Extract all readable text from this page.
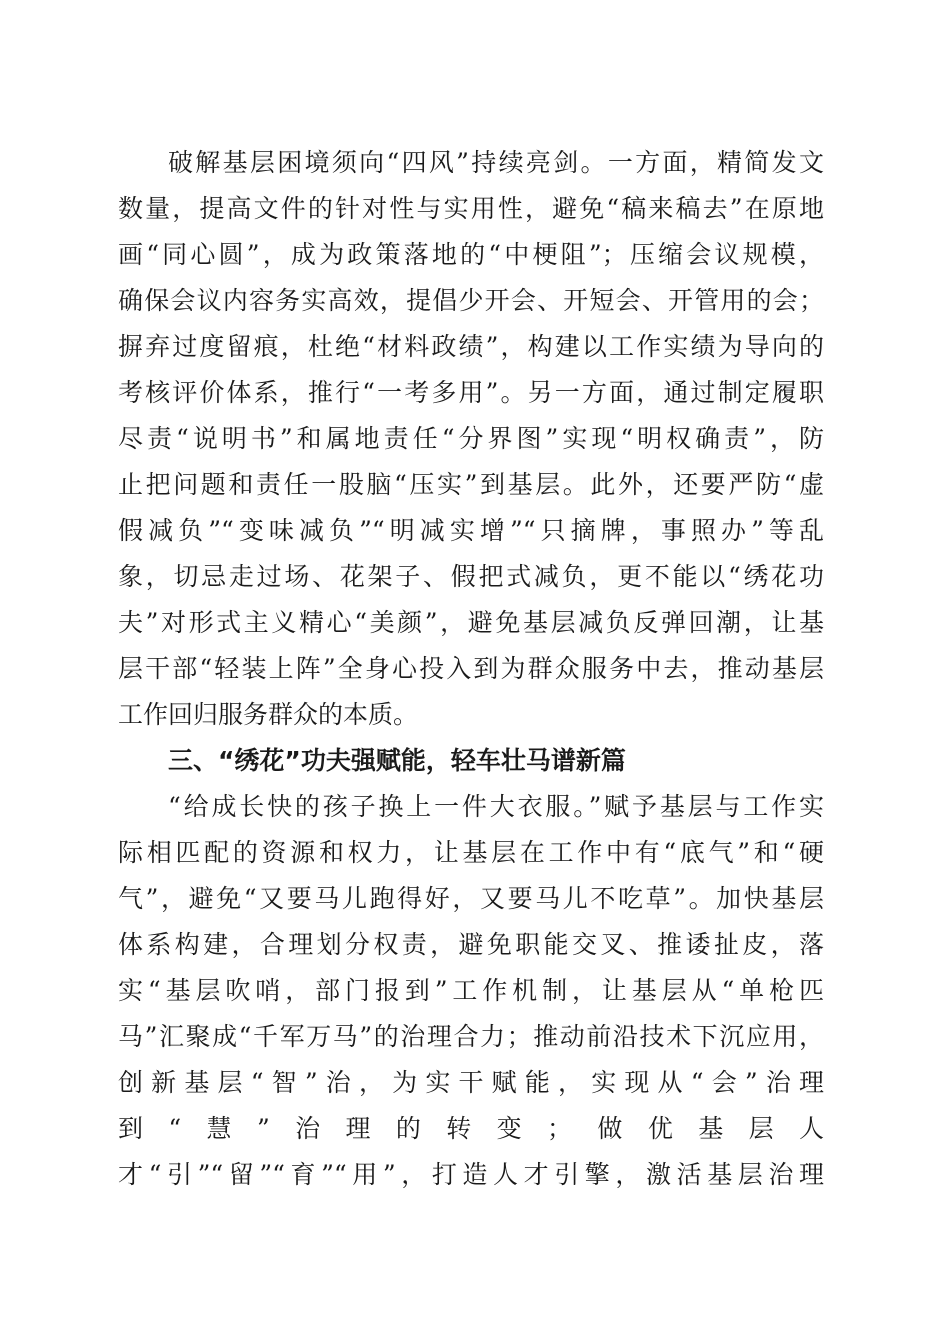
破解基层困境须向“四风”持续亮剑。一方面，精简发文
数量，提高文件的针对性与实用性，避免“稿来稿去”在原地
画“同心圆”，成为政策落地的“中梗阻”；压缩会议规模，
确保会议内容务实高效，提倡少开会、开短会、开管用的会；
摒弃过度留痕，杜绝“材料政绩”，构建以工作实绩为导向的
考核评价体系，推行“一考多用”。另一方面，通过制定履职
尽责“说明书”和属地责任“分界图”实现“明权确责”，防
止把问题和责任一股脑“压实”到基层。此外，还要严防“虚
假减负”“变味减负”“明减实增”“只摘牌，事照办”等乱
象，切忌走过场、花架子、假把式减负，更不能以“绣花功
夫”对形式主义精心“美颜”，避免基层减负反弹回潮，让基
层干部“轻装上阵”全身心投入到为群众服务中去，推动基层
工作回归服务群众的本质。
三、“绣花”功夫强赋能，轻车壮马谱新篇
“给成长快的孩子换上一件大衣服。”赋予基层与工作实
际相匹配的资源和权力，让基层在工作中有“底气”和“硬
气”，避免“又要马儿跑得好，又要马儿不吃草”。加快基层
体系构建，合理划分权责，避免职能交叉、推诿扯皮，落
实“基层吹哨，部门报到”工作机制，让基层从“单枪匹
马”汇聚成“千军万马”的治理合力；推动前沿技术下沉应用，
创新基层“智”治，为实干赋能，实现从“会”治理
到“慧”治理的转变；做优基层人
才“引”“留”“育”“用”，打造人才引擎，激活基层治理
